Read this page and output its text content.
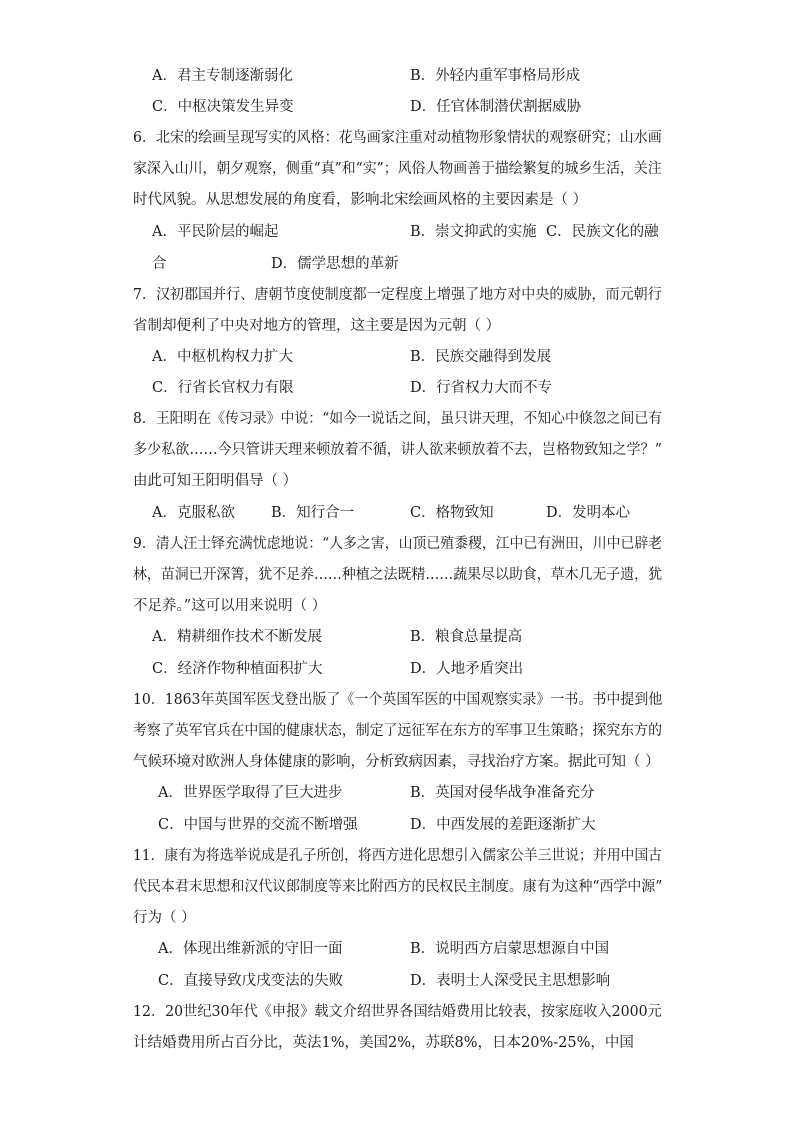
A．君主专制逐渐弱化	B．外轻内重军事格局形成
C．中枢决策发生异变	D．任官体制潜伏割据威胁
6．北宋的绘画呈现写实的风格：花鸟画家注重对动植物形象情状的观察研究；山水画
家深入山川，朝夕观察，侧重“真”和“实”；风俗人物画善于描绘繁复的城乡生活，关注
时代风貌。从思想发展的角度看，影响北宋绘画风格的主要因素是（ ）
A．平民阶层的崛起	B．崇文抑武的实施 C．民族文化的融
合	D．儒学思想的革新
7．汉初郡国并行、唐朝节度使制度都一定程度上增强了地方对中央的威胁，而元朝行
省制却便利了中央对地方的管理，这主要是因为元朝（ ）
A．中枢机构权力扩大	B．民族交融得到发展
C．行省长官权力有限	D．行省权力大而不专
8．王阳明在《传习录》中说：“如今一说话之间，虽只讲天理，不知心中倏忽之间已有
多少私欲……今只管讲天理来顿放着不循，讲人欲来顿放着不去，岂格物致知之学？”
由此可知王阳明倡导（ ）
A．克服私欲 B．知行合一	C．格物致知	D．发明本心
9．清人汪士铎充满忧虑地说：“人多之害，山顶已殖黍稷，江中已有洲田，川中已辟老
林，苗洞已开深箐，犹不足养……种植之法既精……蔬果尽以助食，草木几无子遗，犹
不足养。”这可以用来说明（ ）
A．精耕细作技术不断发展	B．粮食总量提高
C．经济作物种植面积扩大	D．人地矛盾突出
10．1863年英国军医戈登出版了《一个英国军医的中国观察实录》一书。书中提到他
考察了英军官兵在中国的健康状态，制定了远征军在东方的军事卫生策略；探究东方的
气候环境对欧洲人身体健康的影响，分析致病因素，寻找治疗方案。据此可知（ ）
A．世界医学取得了巨大进步	B．英国对侵华战争准备充分
C．中国与世界的交流不断增强	D．中西发展的差距逐渐扩大
11．康有为将选举说成是孔子所创，将西方进化思想引入儒家公羊三世说；并用中国古
代民本君末思想和汉代议郎制度等来比附西方的民权民主制度。康有为这种“西学中源”
行为（ ）
A．体现出维新派的守旧一面	B．说明西方启蒙思想源自中国
C．直接导致戊戌变法的失败	D．表明士人深受民主思想影响
12．20世纪30年代《申报》载文介绍世界各国结婚费用比较表，按家庭收入2000元
计结婚费用所占百分比，英法1%，美国2%，苏联8%，日本20%-25%，中国
